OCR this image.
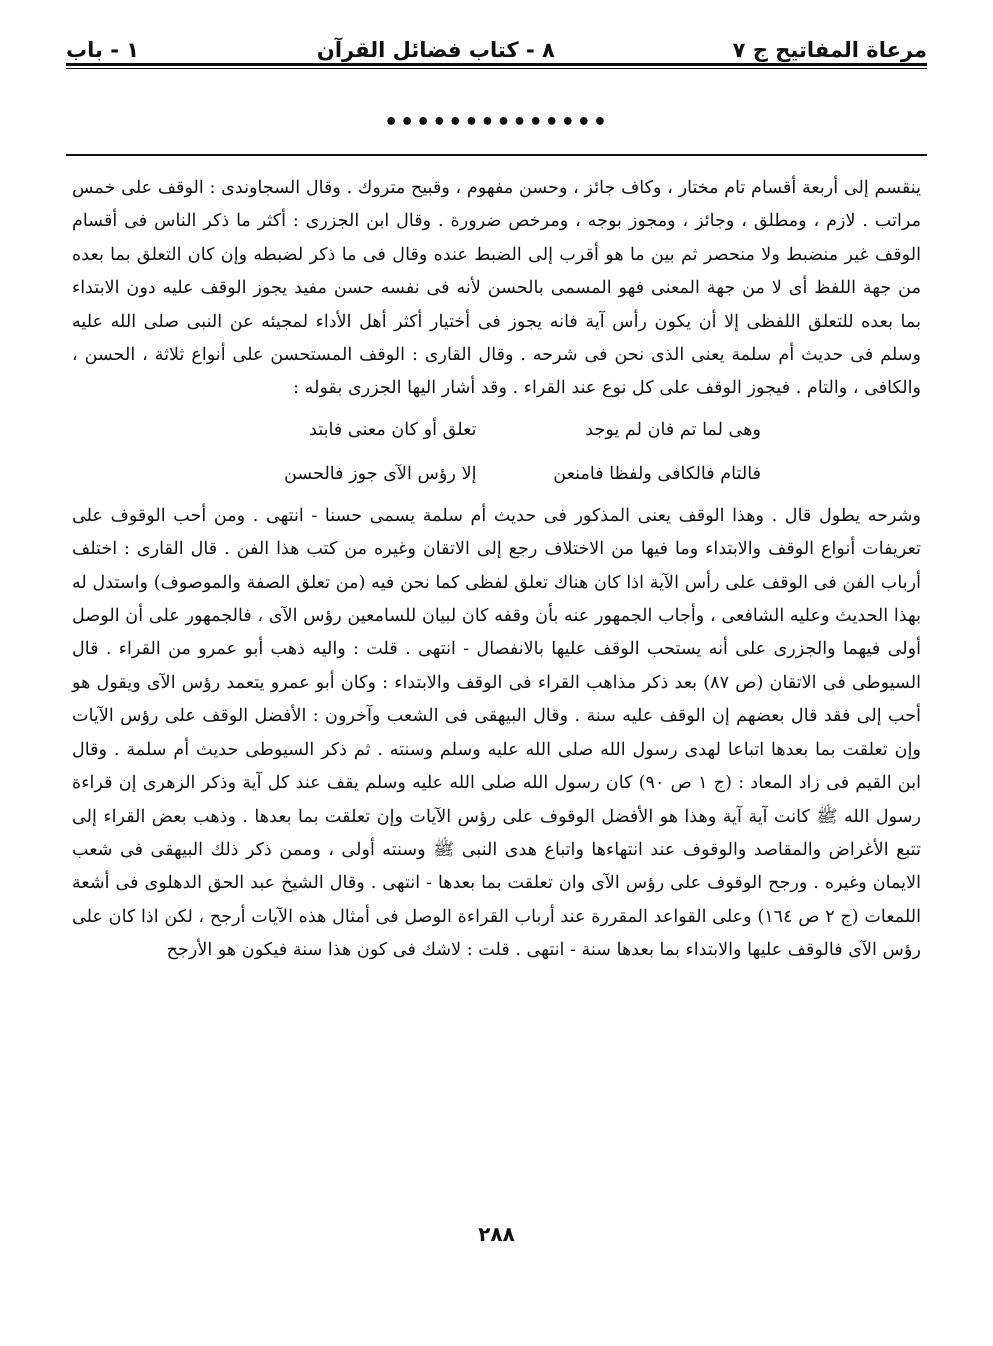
مرعاة المفاتيح ج ٧
٨ - كتاب فضائل القرآن
١ - باب
••••••••••••••

ينقسم إلى أربعة أقسام تام مختار ، وكاف جائز ، وحسن مفهوم ، وقبيح متروك . وقال السجاوندى : الوقف على خمس مراتب . لازم ، ومطلق ، وجائز ، ومجوز بوجه ، ومرخص ضرورة . وقال ابن الجزرى : أكثر ما ذكر الناس فى أقسام الوقف غير منضبط ولا منحصر ثم بين ما هو أقرب إلى الضبط عنده وقال فى ما ذكر لضبطه وإن كان التعلق بما بعده من جهة اللفظ أى لا من جهة المعنى فهو المسمى بالحسن لأنه فى نفسه حسن مفيد يجوز الوقف عليه دون الابتداء بما بعده للتعلق اللفظى إلا أن يكون رأس آية فانه يجوز فى أختيار أكثر أهل الأداء لمجيئه عن النبى صلى الله عليه وسلم فى حديث أم سلمة يعنى الذى نحن فى شرحه . وقال القارى : الوقف المستحسن على أنواع ثلاثة ، الحسن ، والكافى ، والتام . فيجوز الوقف على كل نوع عند القراء . وقد أشار اليها الجزرى بقوله :

وهى لما تم فان لم يوجد
تعلق أو كان معنى فابتد
فالتام فالكافى ولفظا فامنعن
إلا رؤس الآى جوز فالحسن

وشرحه يطول قال . وهذا الوقف يعنى المذكور فى حديث أم سلمة يسمى حسنا - انتهى . ومن أحب الوقوف على تعريفات أنواع الوقف والابتداء وما فيها من الاختلاف رجع إلى الاتقان وغيره من كتب هذا الفن . قال القارى : اختلف أرباب الفن فى الوقف على رأس الآية اذا كان هناك تعلق لفظى كما نحن فيه (من تعلق الصفة والموصوف) واستدل له بهذا الحديث وعليه الشافعى ، وأجاب الجمهور عنه بأن وقفه كان لبيان للسامعين رؤس الآى ، فالجمهور على أن الوصل أولى فيهما والجزرى على أنه يستحب الوقف عليها بالانفصال - انتهى . قلت : واليه ذهب أبو عمرو من القراء . قال السيوطى فى الاتقان (ص ٨٧) بعد ذكر مذاهب القراء فى الوقف والابتداء : وكان أبو عمرو يتعمد رؤس الآى ويقول هو أحب إلى فقد قال بعضهم إن الوقف عليه سنة . وقال البيهقى فى الشعب وآخرون : الأفضل الوقف على رؤس الآيات وإن تعلقت بما بعدها اتباعا لهدى رسول الله صلى الله عليه وسلم وسنته . ثم ذكر السيوطى حديث أم سلمة . وقال ابن القيم فى زاد المعاد : (ج ١ ص ٩٠) كان رسول الله صلى الله عليه وسلم يقف عند كل آية وذكر الزهرى إن قراءة رسول الله ﷺ كانت آية آية وهذا هو الأفضل الوقوف على رؤس الآيات وإن تعلقت بما بعدها . وذهب بعض القراء إلى تتبع الأغراض والمقاصد والوقوف عند انتهاءها واتباع هدى النبى ﷺ وسنته أولى ، وممن ذكر ذلك البيهقى فى شعب الايمان وغيره . ورجح الوقوف على رؤس الآى وان تعلقت بما بعدها - انتهى . وقال الشيخ عبد الحق الدهلوى فى أشعة اللمعات (ج ٢ ص ١٦٤) وعلى القواعد المقررة عند أرباب القراءة الوصل فى أمثال هذه الآيات أرجح ، لكن اذا كان على رؤس الآى فالوقف عليها والابتداء بما بعدها سنة - انتهى . قلت : لاشك فى كون هذا سنة فيكون هو الأرجح

٢٨٨
